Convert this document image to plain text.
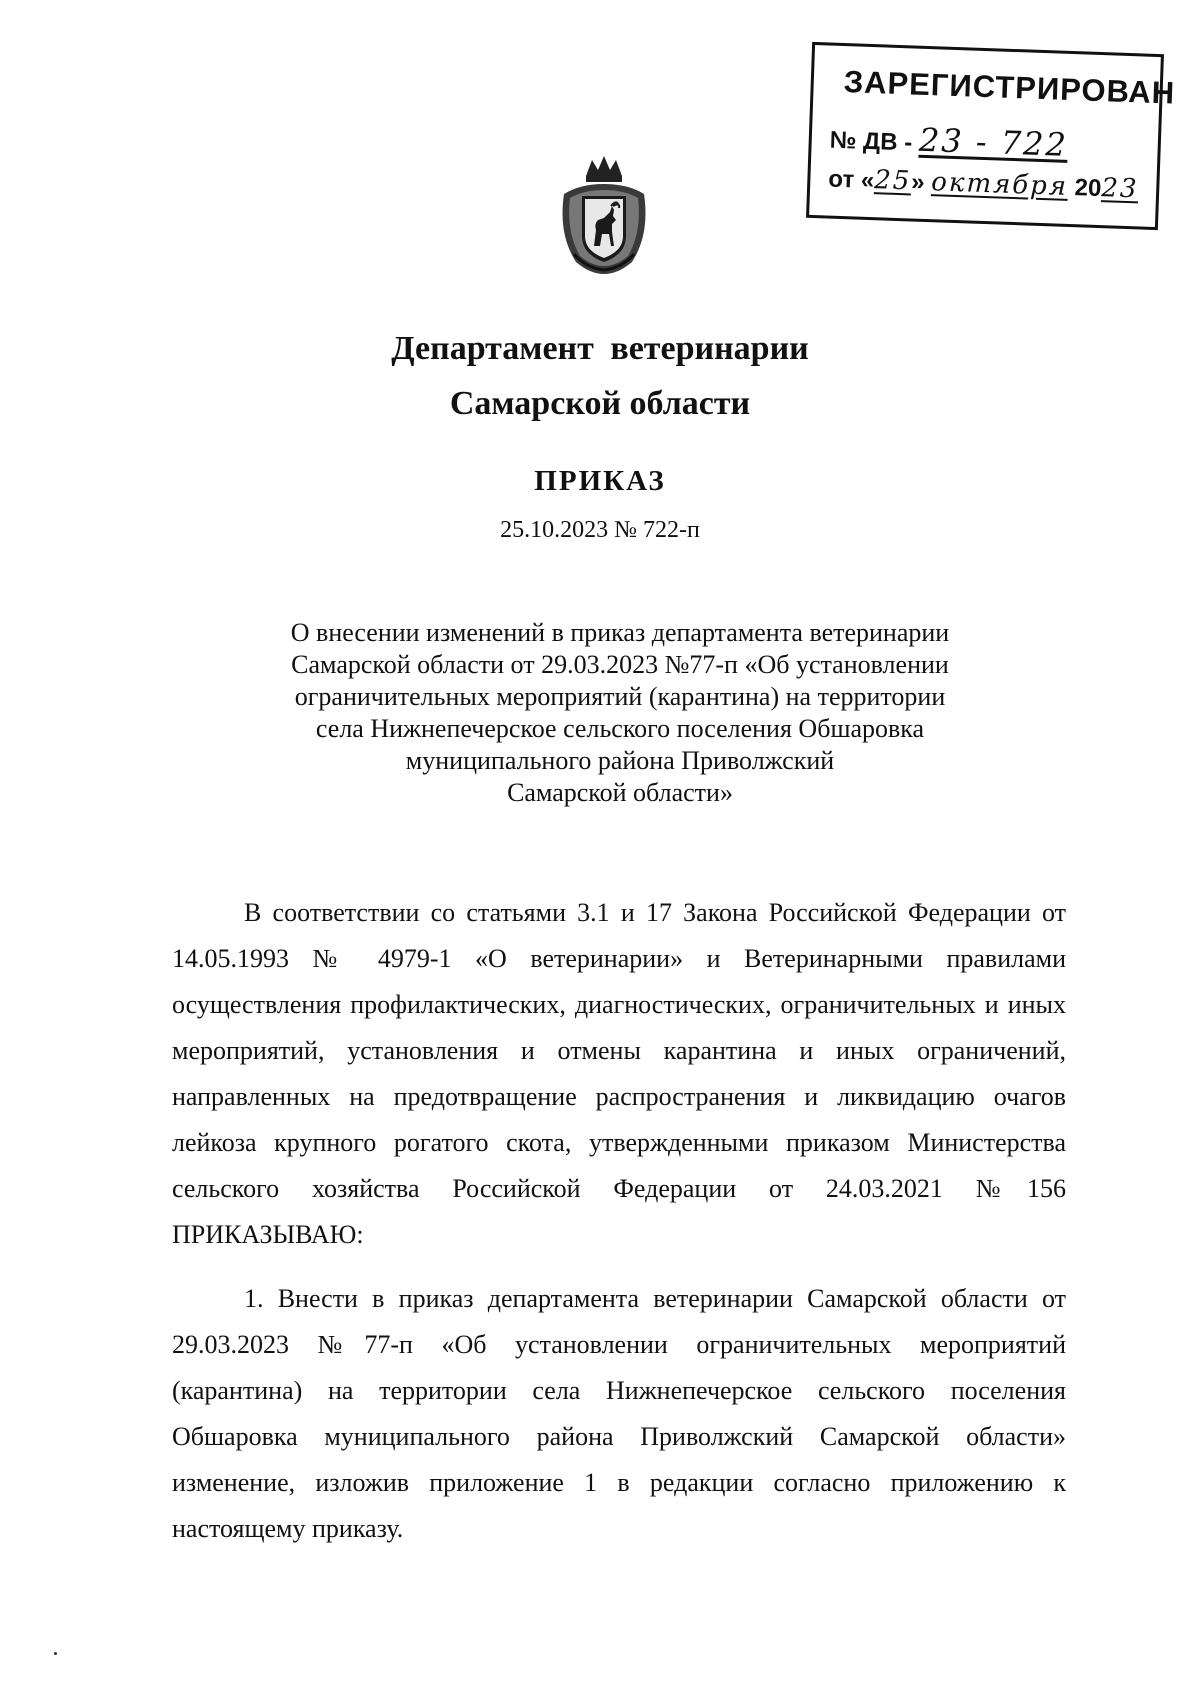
ЗАРЕГИСТРИРОВАН
№ ДВ - 23 - 722
от «25» октября 2023
Департамент ветеринарии
Самарской области
ПРИКАЗ
25.10.2023 № 722-п

О внесении изменений в приказ департамента ветеринарии
Самарской области от 29.03.2023 №77-п «Об установлении
ограничительных мероприятий (карантина) на территории
села Нижнепечерское сельского поселения Обшаровка
муниципального района Приволжский
Самарской области»

В соответствии со статьями 3.1 и 17 Закона Российской Федерации от 14.05.1993 № 4979-1 «О ветеринарии» и Ветеринарными правилами осуществления профилактических, диагностических, ограничительных и иных мероприятий, установления и отмены карантина и иных ограничений, направленных на предотвращение распространения и ликвидацию очагов лейкоза крупного рогатого скота, утвержденными приказом Министерства сельского хозяйства Российской Федерации от 24.03.2021 №156 ПРИКАЗЫВАЮ:

1. Внести в приказ департамента ветеринарии Самарской области от 29.03.2023 №77-п «Об установлении ограничительных мероприятий (карантина) на территории села Нижнепечерское сельского поселения Обшаровка муниципального района Приволжский Самарской области» изменение, изложив приложение 1 в редакции согласно приложению к настоящему приказу.
